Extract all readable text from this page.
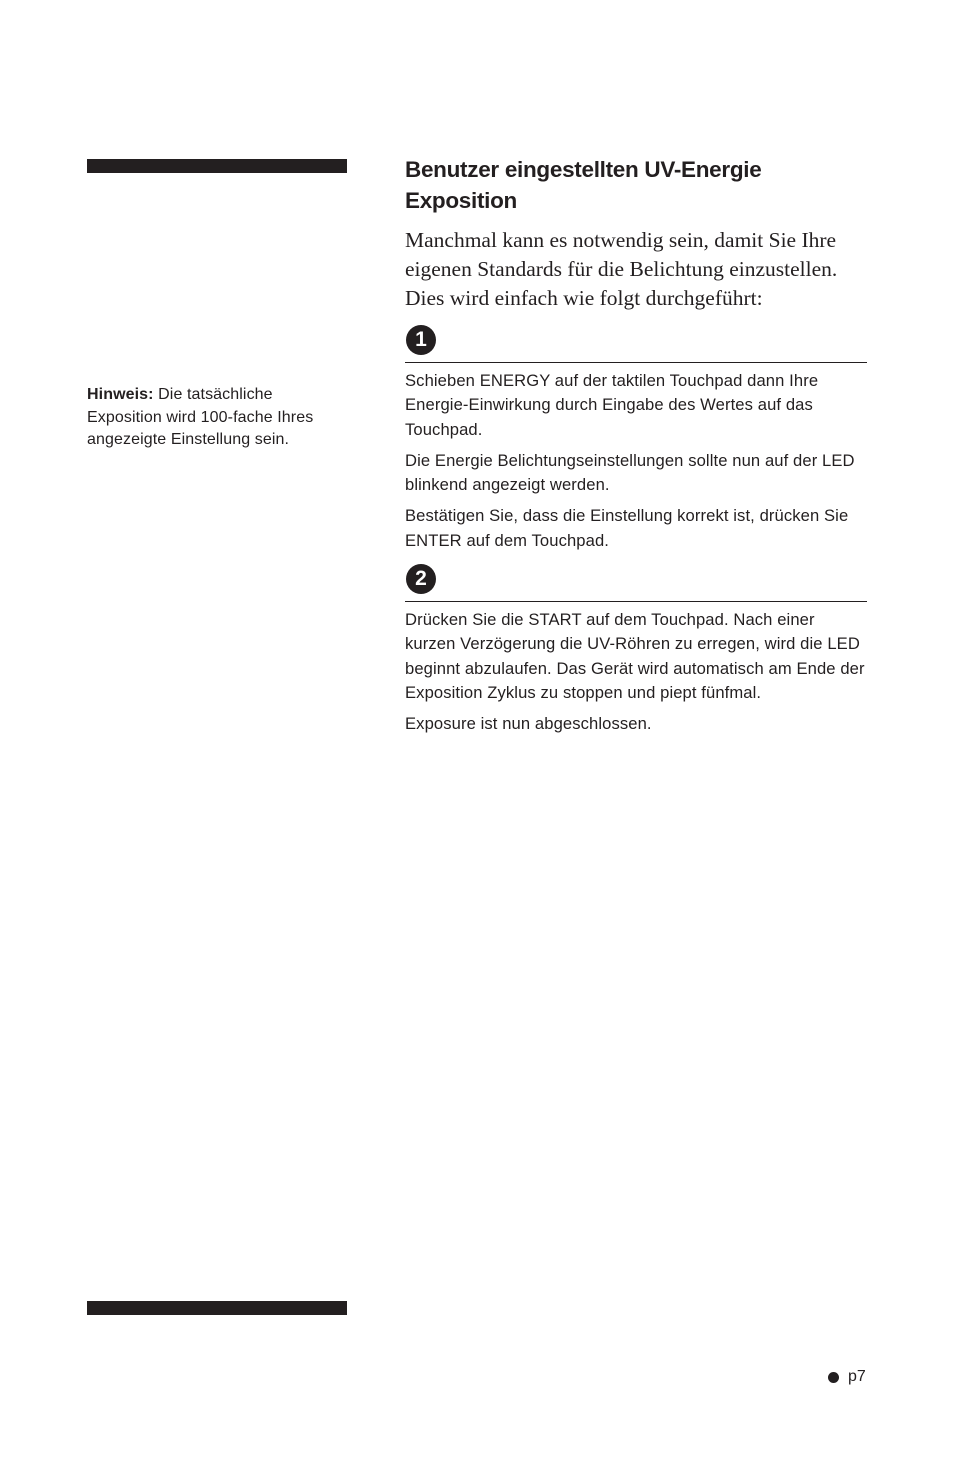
Hinweis: Die tatsächliche Exposition wird 100-fache Ihres angezeigte Einstellung sein.
Benutzer eingestellten UV-Energie Exposition

Manchmal kann es notwendig sein, damit Sie Ihre eigenen Standards für die Belichtung einzustellen. Dies wird einfach wie folgt durchgeführt:

1

Schieben ENERGY auf der taktilen Touchpad dann Ihre Energie-Einwirkung durch Eingabe des Wertes auf das Touchpad.

Die Energie Belichtungseinstellungen sollte nun auf der LED blinkend angezeigt werden.

Bestätigen Sie, dass die Einstellung korrekt ist, drücken Sie ENTER auf dem Touchpad.

2

Drücken Sie die START auf dem Touchpad. Nach einer kurzen Verzögerung die UV-Röhren zu erregen, wird die LED beginnt abzulaufen. Das Gerät wird automatisch am Ende der Exposition Zyklus zu stoppen und piept fünfmal.

Exposure ist nun abgeschlossen.

p7
